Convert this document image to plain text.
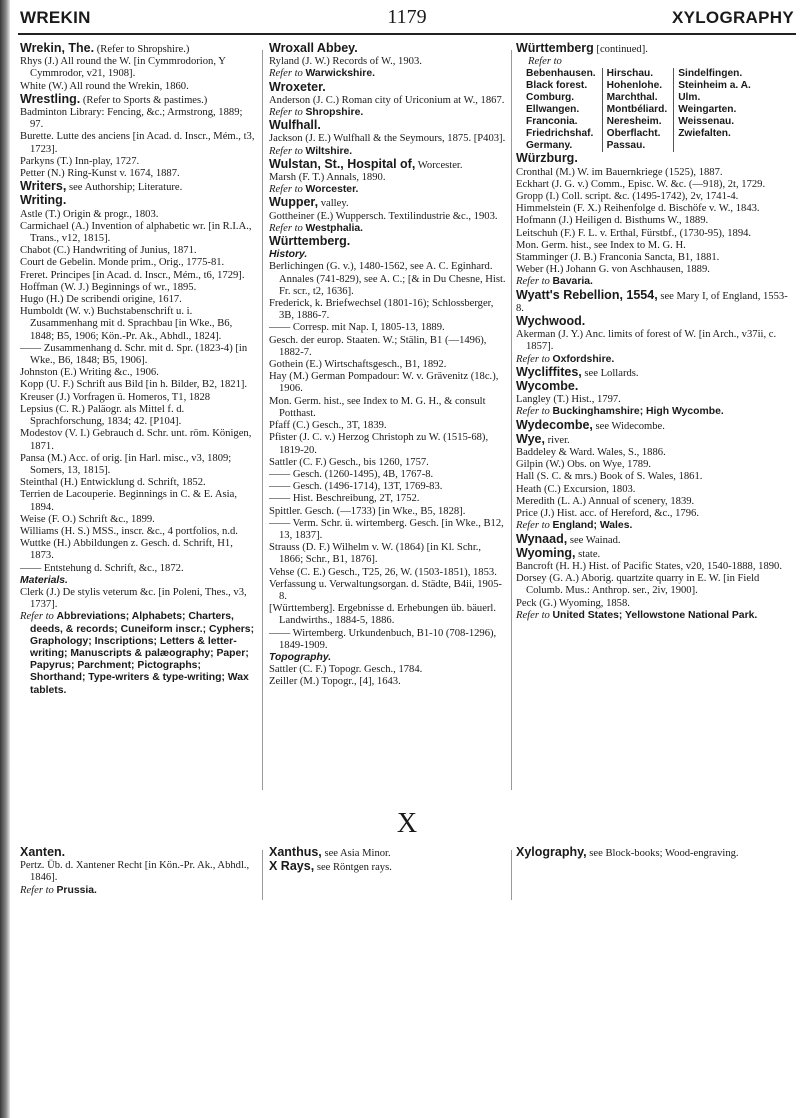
WREKIN	1179	XYLOGRAPHY
Wrekin, The. (Refer to Shropshire.)
Rhys (J.) All round the W. [in Cymmrodorion, Y Cymmrodor, v21, 1908].
White (W.) All round the Wrekin, 1860.
Wrestling. (Refer to Sports & pastimes.)
Badminton Library: Fencing, &c.; Armstrong, 1889; 97.
Burette. Lutte des anciens [in Acad. d. Inscr., Mém., t3, 1723].
Parkyns (T.) Inn-play, 1727.
Petter (N.) Ring-Kunst v. 1674, 1887.
Writers, see Authorship; Literature.
Writing.
Astle (T.) Origin & progr., 1803.
Carmichael (A.) Invention of alphabetic wr. [in R.I.A., Trans., v12, 1815].
Chabot (C.) Handwriting of Junius, 1871.
Court de Gebelin. Monde prim., Orig., 1775-81.
Freret. Principes [in Acad. d. Inscr., Mém., t6, 1729].
Hoffman (W. J.) Beginnings of wr., 1895.
Hugo (H.) De scribendi origine, 1617.
Humboldt (W. v.) Buchstabenschrift u. i. Zusammenhang mit d. Sprachbau [in Wke., B6, 1848; B5, 1906; Kön.-Pr. Ak., Abhdl., 1824].
—— Zusammenhang d. Schr. mit d. Spr. (1823-4) [in Wke., B6, 1848; B5, 1906].
Johnston (E.) Writing &c., 1906.
Kopp (U. F.) Schrift aus Bild [in h. Bilder, B2, 1821].
Kreuser (J.) Vorfragen ü. Homeros, T1, 1828
Lepsius (C. R.) Paläogr. als Mittel f. d. Sprachforschung, 1834; 42. [P104].
Modestov (V. I.) Gebrauch d. Schr. unt. röm. Königen, 1871.
Pansa (M.) Acc. of orig. [in Harl. misc., v3, 1809; Somers, 13, 1815].
Steinthal (H.) Entwicklung d. Schrift, 1852.
Terrien de Lacouperie. Beginnings in C. & E. Asia, 1894.
Weise (F. O.) Schrift &c., 1899.
Williams (H. S.) MSS., inscr. &c., 4 portfolios, n.d.
Wuttke (H.) Abbildungen z. Gesch. d. Schrift, H1, 1873.
—— Entstehung d. Schrift, &c., 1872.
Materials.
Clerk (J.) De stylis veterum &c. [in Poleni, Thes., v3, 1737].
Refer to Abbreviations; Alphabets; Charters, deeds, & records; Cuneiform inscr.; Cyphers; Graphology; Inscriptions; Letters & letter-writing; Manuscripts & palæography; Paper; Papyrus; Parchment; Pictographs; Shorthand; Type-writers & type-writing; Wax tablets.
Wroxall Abbey.
Ryland (J. W.) Records of W., 1903.
Refer to Warwickshire.
Wroxeter.
Anderson (J. C.) Roman city of Uriconium at W., 1867.
Refer to Shropshire.
Wulfhall.
Jackson (J. E.) Wulfhall & the Seymours, 1875. [P403].
Refer to Wiltshire.
Wulstan, St., Hospital of, Worcester.
Marsh (F. T.) Annals, 1890.
Refer to Worcester.
Wupper, valley.
Gottheiner (E.) Wuppersch. Textilindustrie &c., 1903.
Refer to Westphalia.
Württemberg.
History.
Berlichingen (G. v.), 1480-1562, see A. C. Eginhard. Annales (741-829), see A. C.; [& in Du Chesne, Hist. Fr. scr., t2, 1636].
Frederick, k. Briefwechsel (1801-16); Schlossberger, 3B, 1886-7.
—— Corresp. mit Nap. I, 1805-13, 1889.
Gesch. der europ. Staaten. W.; Stälin, B1 (—1496), 1882-7.
Gothein (E.) Wirtschaftsgesch., B1, 1892.
Hay (M.) German Pompadour: W. v. Grävenitz (18c.), 1906.
Mon. Germ. hist., see Index to M. G. H., & consult Potthast.
Pfaff (C.) Gesch., 3T, 1839.
Pfister (J. C. v.) Herzog Christoph zu W. (1515-68), 1819-20.
Sattler (C. F.) Gesch., bis 1260, 1757.
—— Gesch. (1260-1495), 4B, 1767-8.
—— Gesch. (1496-1714), 13T, 1769-83.
—— Hist. Beschreibung, 2T, 1752.
Spittler. Gesch. (—1733) [in Wke., B5, 1828].
—— Verm. Schr. ü. wirtemberg. Gesch. [in Wke., B12, 13, 1837].
Strauss (D. F.) Wilhelm v. W. (1864) [in Kl. Schr., 1866; Schr., B1, 1876].
Vehse (C. E.) Gesch., T25, 26, W. (1503-1851), 1853.
Verfassung u. Verwaltungsorgan. d. Städte, B4ii, 1905-8.
[Württemberg]. Ergebnisse d. Erhebungen üb. bäuerl. Landwirths., 1884-5, 1886.
—— Wirtemberg. Urkundenbuch, B1-10 (708-1296), 1849-1909.
Topography.
Sattler (C. F.) Topogr. Gesch., 1784.
Zeiller (M.) Topogr., [4], 1643.
Württemberg [continued].
Refer to
Bebenhausen.	Hirschau.	Sindelfingen.
Black forest.	Hohenlohe.	Steinheim a. A.
Comburg.	Marchthal.	Ulm.
Ellwangen.	Montbéliard.	Weingarten.
Franconia.	Neresheim.	Weissenau.
Friedrichshaf.	Oberflacht.	Zwiefalten.
Germany.	Passau.	
Würzburg.
Cronthal (M.) W. im Bauernkriege (1525), 1887.
Eckhart (J. G. v.) Comm., Episc. W. &c. (—918), 2t, 1729.
Gropp (I.) Coll. script. &c. (1495-1742), 2v, 1741-4.
Himmelstein (F. X.) Reihenfolge d. Bischöfe v. W., 1843.
Hofmann (J.) Heiligen d. Bisthums W., 1889.
Leitschuh (F.) F. L. v. Erthal, Fürstbf., (1730-95), 1894.
Mon. Germ. hist., see Index to M. G. H.
Stamminger (J. B.) Franconia Sancta, B1, 1881.
Weber (H.) Johann G. von Aschhausen, 1889.
Refer to Bavaria.
Wyatt's Rebellion, 1554, see Mary I, of England, 1553-8.
Wychwood.
Akerman (J. Y.) Anc. limits of forest of W. [in Arch., v37ii, c. 1857].
Refer to Oxfordshire.
Wycliffites, see Lollards.
Wycombe.
Langley (T.) Hist., 1797.
Refer to Buckinghamshire; High Wycombe.
Wydecombe, see Widecombe.
Wye, river.
Baddeley & Ward. Wales, S., 1886.
Gilpin (W.) Obs. on Wye, 1789.
Hall (S. C. & mrs.) Book of S. Wales, 1861.
Heath (C.) Excursion, 1803.
Meredith (L. A.) Annual of scenery, 1839.
Price (J.) Hist. acc. of Hereford, &c., 1796.
Refer to England; Wales.
Wynaad, see Wainad.
Wyoming, state.
Bancroft (H. H.) Hist. of Pacific States, v20, 1540-1888, 1890.
Dorsey (G. A.) Aborig. quartzite quarry in E. W. [in Field Columb. Mus.: Anthrop. ser., 2iv, 1900].
Peck (G.) Wyoming, 1858.
Refer to United States; Yellowstone National Park.
X
Xanten.
Pertz. Üb. d. Xantener Recht [in Kön.-Pr. Ak., Abhdl., 1846].
Refer to Prussia.
Xanthus, see Asia Minor.
X Rays, see Röntgen rays.
Xylography, see Block-books; Wood-engraving.
